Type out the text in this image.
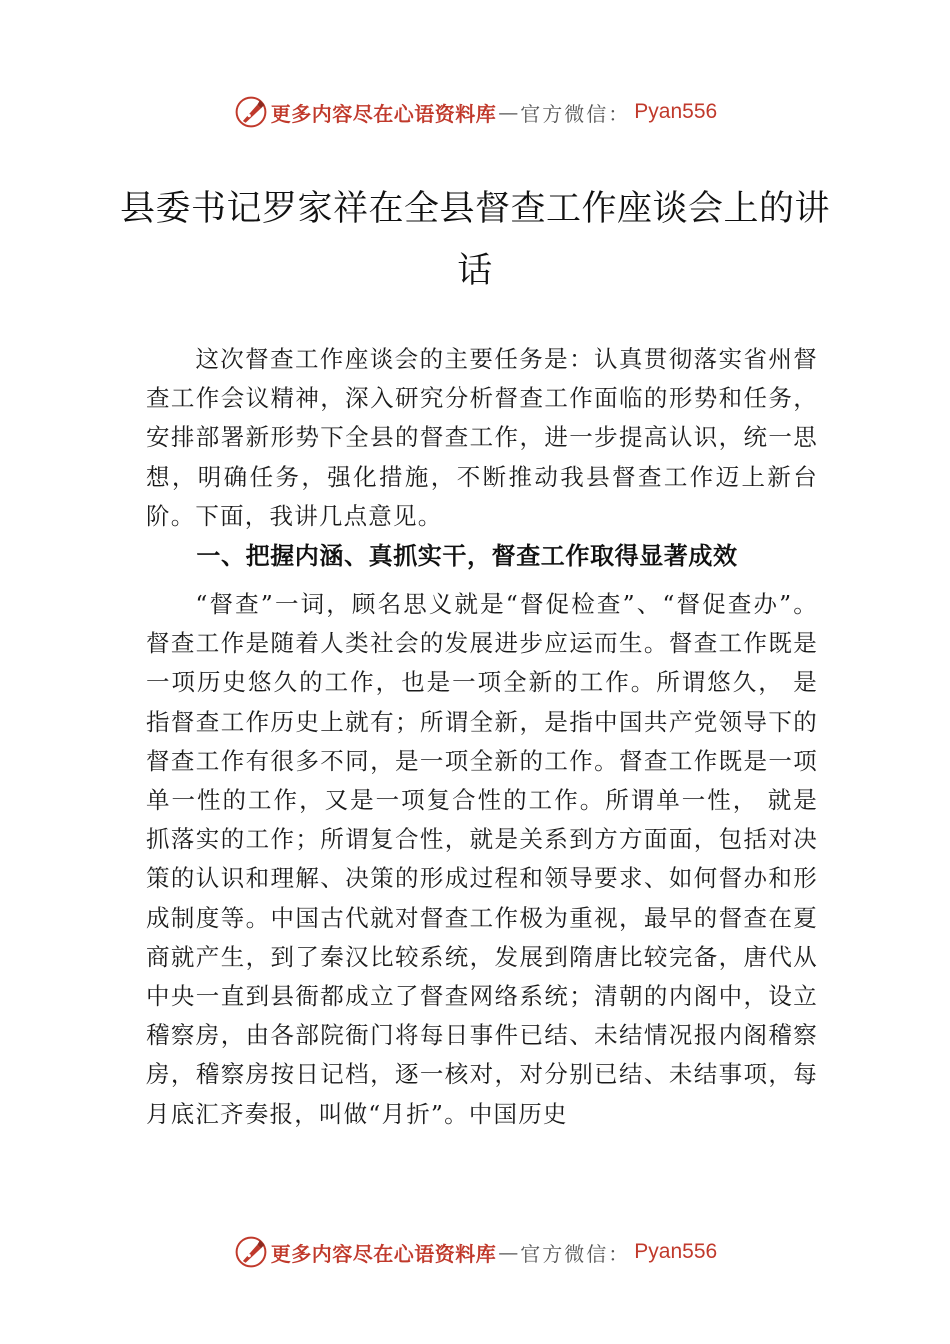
更多内容尽在心语资料库 — 官方微信： Pyan556
县委书记罗家祥在全县督查工作座谈会上的讲话
这次督查工作座谈会的主要任务是：认真贯彻落实省州督查工作会议精神，深入研究分析督查工作面临的形势和任务，安排部署新形势下全县的督查工作，进一步提高认识，统一思想，明确任务，强化措施，不断推动我县督查工作迈上新台阶。下面，我讲几点意见。
一、把握内涵、真抓实干，督查工作取得显著成效
“督查”一词，顾名思义就是“督促检查”、“督促查办”。督查工作是随着人类社会的发展进步应运而生。督查工作既是一项历史悠久的工作，也是一项全新的工作。所谓悠久， 是指督查工作历史上就有；所谓全新，是指中国共产党领导下的督查工作有很多不同，是一项全新的工作。督查工作既是一项单一性的工作，又是一项复合性的工作。所谓单一性， 就是抓落实的工作；所谓复合性，就是关系到方方面面，包括对决策的认识和理解、决策的形成过程和领导要求、如何督办和形成制度等。中国古代就对督查工作极为重视，最早的督查在夏商就产生，到了秦汉比较系统，发展到隋唐比较完备，唐代从中央一直到县衙都成立了督查网络系统；清朝的内阁中，设立稽察房，由各部院衙门将每日事件已结、未结情况报内阁稽察房，稽察房按日记档，逐一核对，对分别已结、未结事项，每月底汇齐奏报，叫做“月折”。中国历史
更多内容尽在心语资料库 — 官方微信： Pyan556
